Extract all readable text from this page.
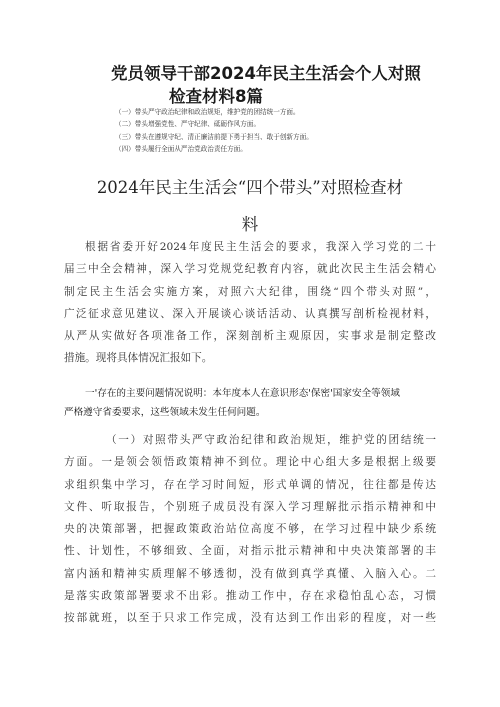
党员领导干部2024年民主生活会个人对照
检查材料8篇
（一）带头严守政治纪律和政治规矩，维护党的团结统一方面。
（二）带头增强党性、严守纪律、砥砺作风方面。
（三）带头在遵规守纪、清正廉洁前提下勇于担当、敢于创新方面。
（四）带头履行全面从严治党政治责任方面。
2024年民主生活会“四个带头”对照检查材
料

根据省委开好2024年度民主生活会的要求，我深入学习党的二十
届三中全会精神，深入学习党规党纪教育内容，就此次民主生活会精心
制定民主生活会实施方案，对照六大纪律，围绕“四个带头对照”，
广泛征求意见建议、深入开展谈心谈话活动、认真撰写剖析检视材料，
从严从实做好各项准备工作，深刻剖析主观原因，实事求是制定整改
措施。现将具体情况汇报如下。

一'存在的主要问题情况说明：本年度本人在意识形态'保密'国家安全等领域
严格遵守省委要求，这些领域未发生任何问题。

（一）对照带头严守政治纪律和政治规矩，维护党的团结统一
方面。一是领会领悟政策精神不到位。理论中心组大多是根据上级要
求组织集中学习，存在学习时间短，形式单调的情况，往往都是传达
文件、听取报告，个别班子成员没有深入学习理解批示指示精神和中
央的决策部署，把握政策政治站位高度不够，在学习过程中缺少系统
性、计划性，不够细致、全面，对指示批示精神和中央决策部署的丰
富内涵和精神实质理解不够透彻，没有做到真学真懂、入脑入心。二
是落实政策部署要求不出彩。推动工作中，存在求稳怕乱心态，习惯
按部就班，以至于只求工作完成，没有达到工作出彩的程度，对一些
